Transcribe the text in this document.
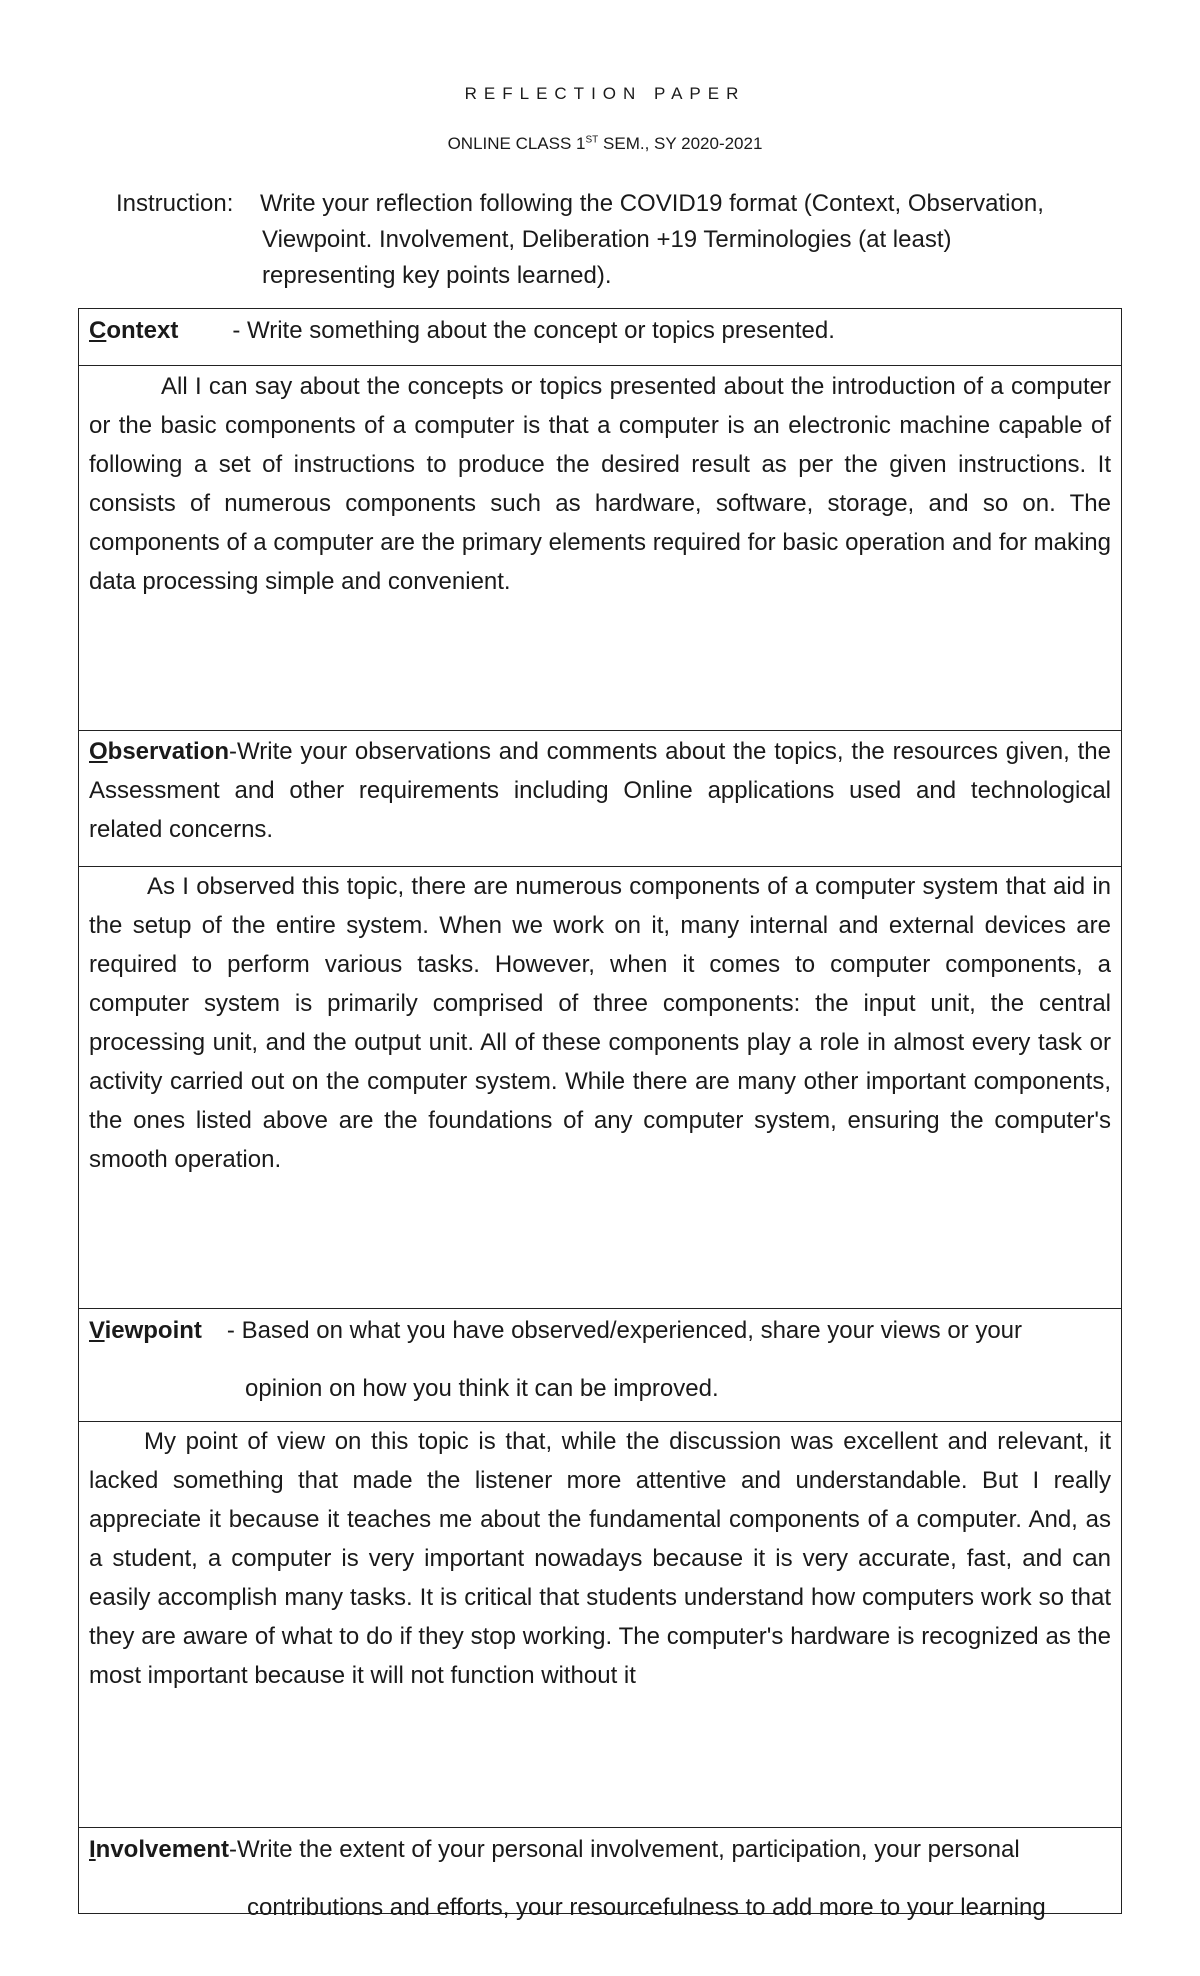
REFLECTION PAPER
ONLINE CLASS 1ST SEM., SY 2020-2021
Instruction:	Write your reflection following the COVID19 format (Context, Observation,
Viewpoint. Involvement, Deliberation +19 Terminologies (at least)
representing key points learned).
Context - Write something about the concept or topics presented.
All I can say about the concepts or topics presented about the introduction of a computer or the basic components of a computer is that a computer is an electronic machine capable of following a set of instructions to produce the desired result as per the given instructions. It consists of numerous components such as hardware, software, storage, and so on. The components of a computer are the primary elements required for basic operation and for making data processing simple and convenient.
Observation-Write your observations and comments about the topics, the resources given, the Assessment and other requirements including Online applications used and technological related concerns.
As I observed this topic, there are numerous components of a computer system that aid in the setup of the entire system. When we work on it, many internal and external devices are required to perform various tasks. However, when it comes to computer components, a computer system is primarily comprised of three components: the input unit, the central processing unit, and the output unit. All of these components play a role in almost every task or activity carried out on the computer system. While there are many other important components, the ones listed above are the foundations of any computer system, ensuring the computer's smooth operation.
Viewpoint - Based on what you have observed/experienced, share your views or your
opinion on how you think it can be improved.
My point of view on this topic is that, while the discussion was excellent and relevant, it lacked something that made the listener more attentive and understandable. But I really appreciate it because it teaches me about the fundamental components of a computer. And, as a student, a computer is very important nowadays because it is very accurate, fast, and can easily accomplish many tasks. It is critical that students understand how computers work so that they are aware of what to do if they stop working. The computer's hardware is recognized as the most important because it will not function without it
Involvement-Write the extent of your personal involvement, participation, your personal
contributions and efforts, your resourcefulness to add more to your learning
